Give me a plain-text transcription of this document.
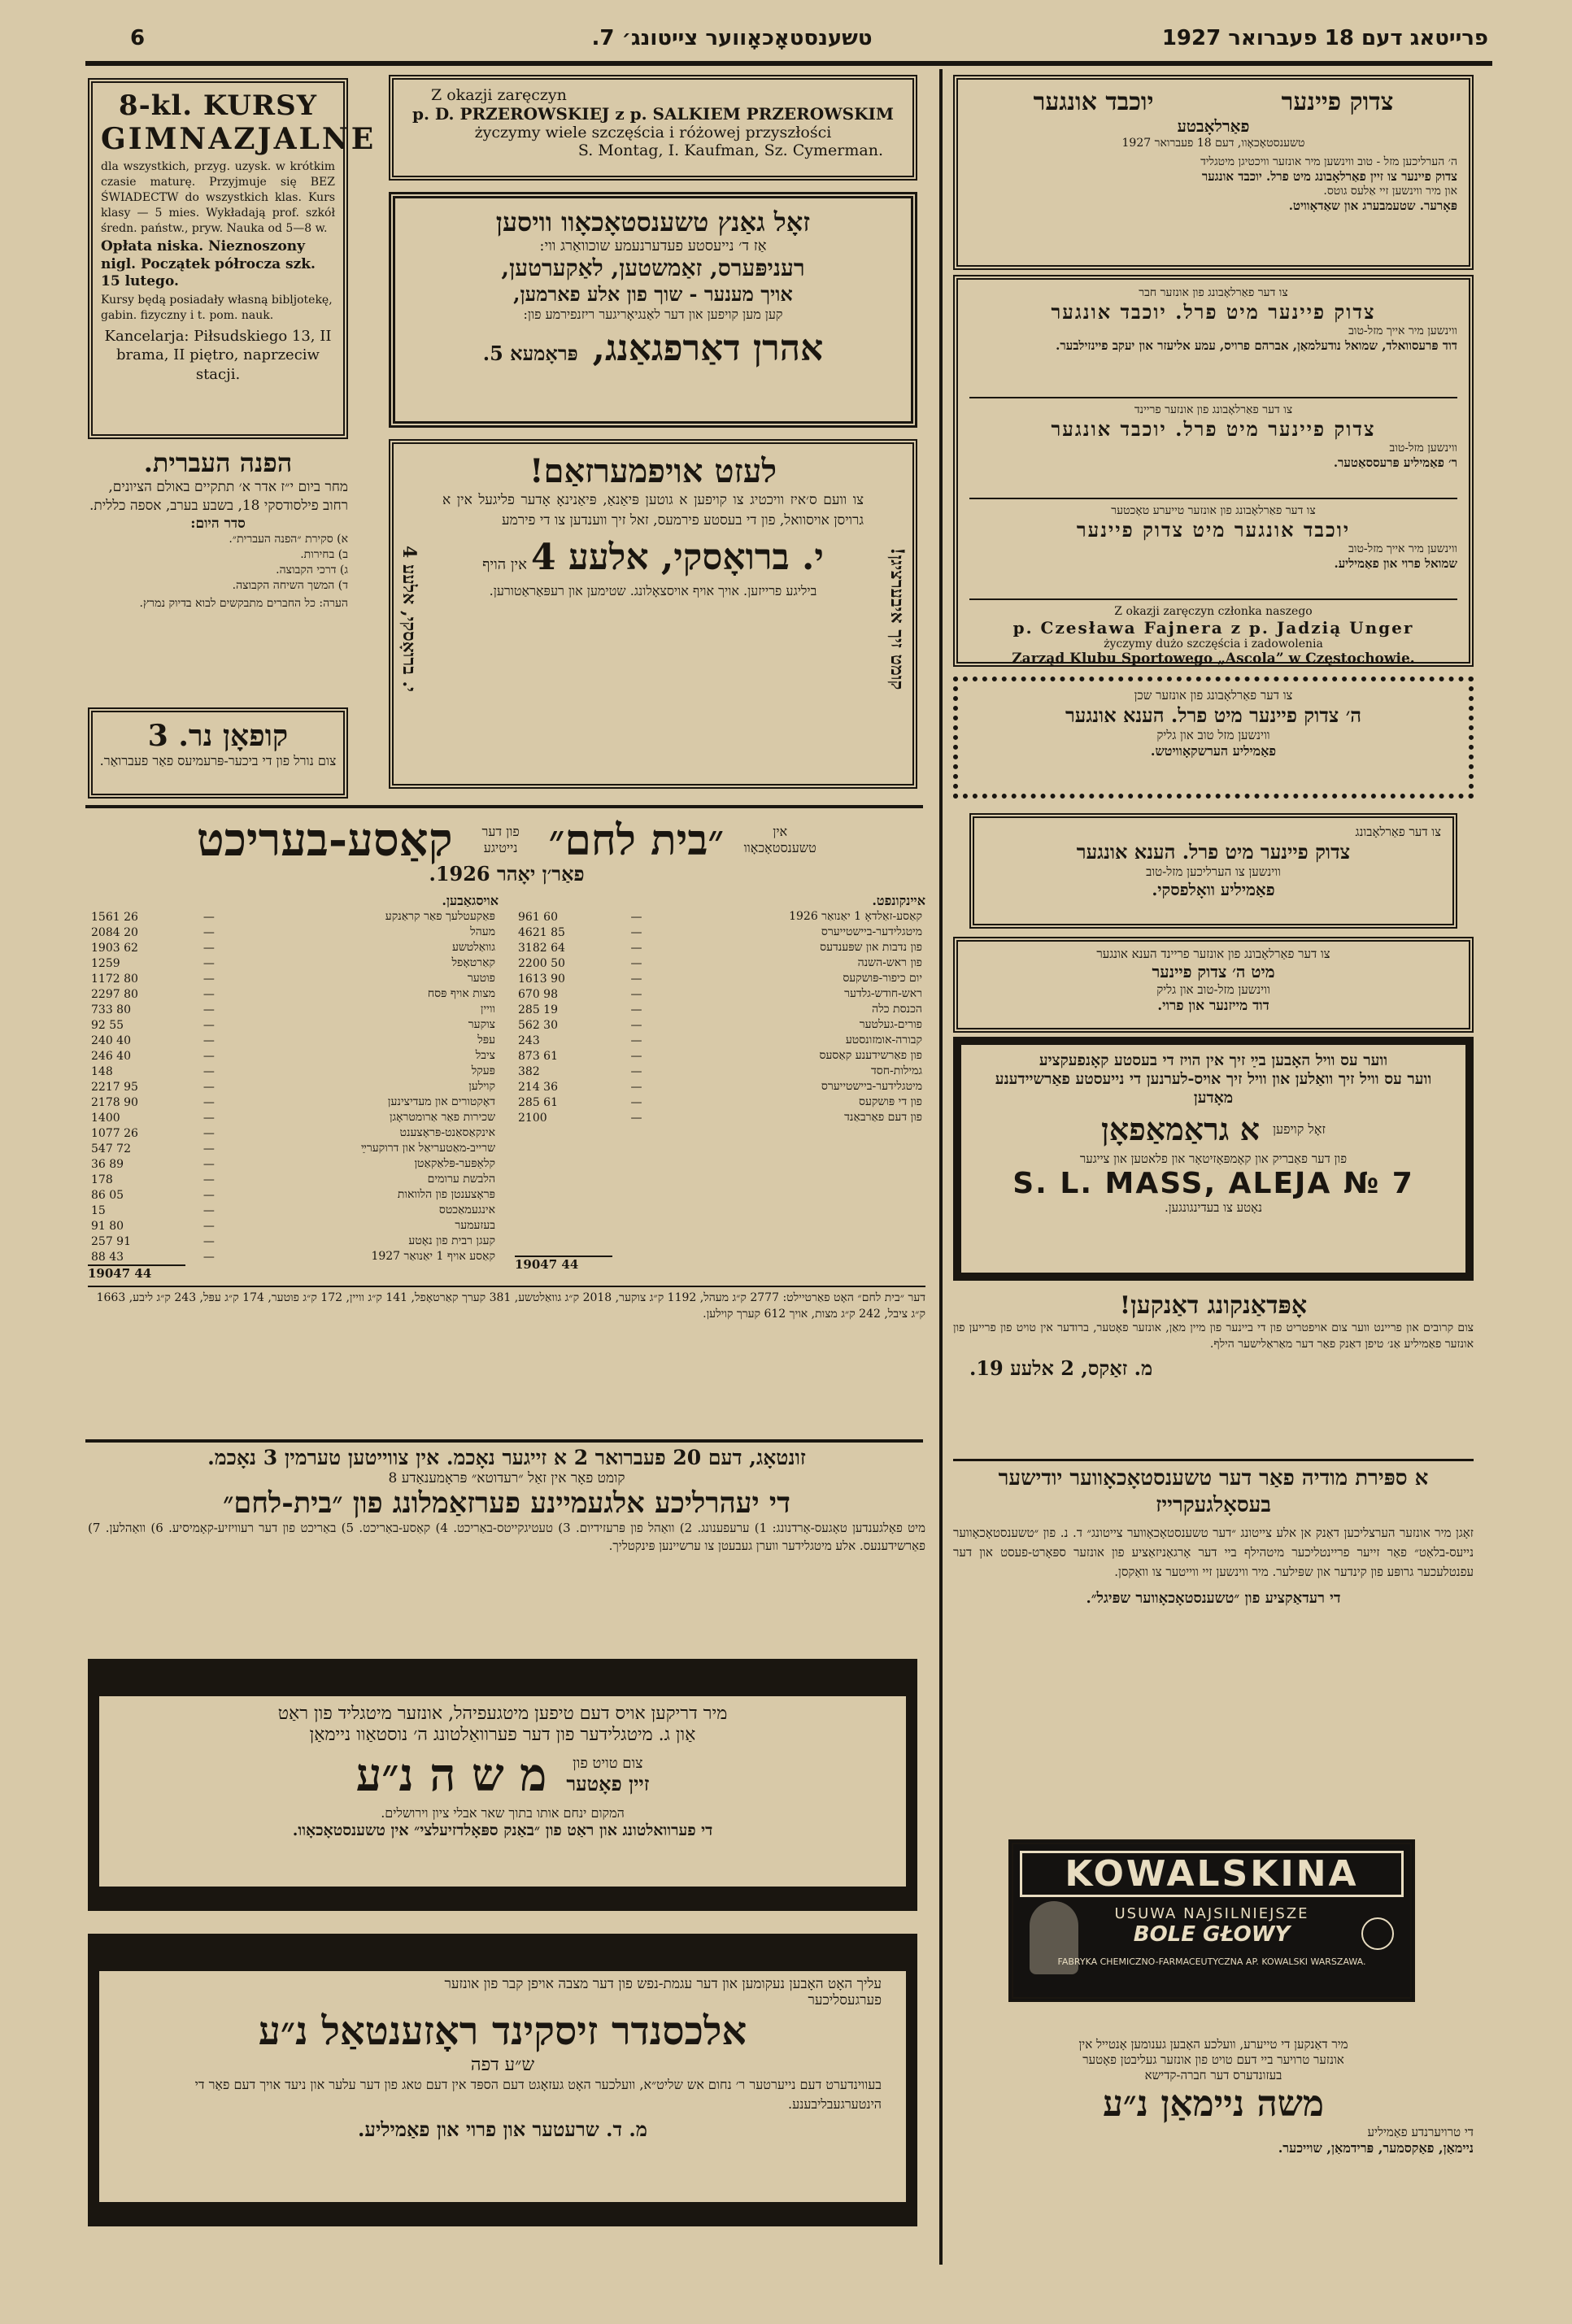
6	טשענסטאָכאָווער צייטונג׳ 7.	פרייטאג דעם 18 פעברואר 1927
8-kl. KURSY
GIMNAZJALNE
dla wszystkich, przyg. uzysk. w krótkim czasie maturę. Przyjmuje się BEZ ŚWIADECTW do wszystkich klas. Kurs klasy — 5 mies. Wykładają prof. szkół średn. państw., pryw. Nauka od 5—8 w.
Opłata niska. Nieznoszony nigl. Początek półrocza szk. 15 lutego.
Kursy będą posiadały własną bibljotekę, gabin. fizyczny i t. pom. nauk.
Kancelarja: Piłsudskiego 13, II brama, II piętro, naprzeciw stacji.
הפנה העברית.
מחר ביום י״ז אדר א׳ תתקיים באולם הציונים, רחוב פילסודסקי 18, בשבע בערב, אספה כללית.
סדר היום:
א) סקירת ״הפנה העברית״.
ב) בחירות.
ג) דרכי הקבוצה.
ד) המשך השיחה הקבוצה.
הערה: כל החברים מתבקשים לבוא בדיוק נמרץ.
קופאָן נר. 3
צום נורל פון די ביכער-פּרעמיעס פאַר פעברואַר.
Z okazji zaręczyn
p. D. PRZEROWSKIEJ z p. SALKIEM PRZEROWSKIM
życzymy wiele szczęścia i różowej przyszłości
S. Montag, I. Kaufman, Sz. Cymerman.
זאָל גאַנץ טשענסטאָכאָוו וויסען
אַז ד׳ נייעסטע פעדערנעמע שוכוואַרג ווי:
רעניפּערס, זאַמשטען, לאַקערטען,
אויך מענער - שוך פון אלע פארמען,
קען מען קויפען און דער לאַנגיאָריגער ריזנפירמע פון:
אהרן דאַרפגאַנג,
פּראָמעא 5.
לעזט אויפמערזאַם!
צו וועם ס׳איז וויכטיג צו קויפען א גוטען פּיאַנאַ, פּיאַנינאָ אָדער פליגעל אין א גרויסן אויסוואל, פון די בעסטע פירמעס, זאל זיך ווענדען צו די פירמע
י. ברואָסקי, אלעע 4 אין הויף
ביליגע פרייזען. אויך אויף אויסצאָלונג. שטימען און רעפּאַראַטורען.	קומט זיך איבערציגן!
י. ברואָסקי, אלעע 4
אין טשענסטאָכאָוו
״בית לחם״
פון דער נייטיגע
קאַסע-בעריכט
פאַר׳ן יאָהר 1926.
איינקונפט.
קאַסע-זאַלדאָ 1 יאַנואַר 1926	—	961 60
מיטגלידער-ביישטייערס	—	4621 85
פון נדבות און שפּענדעס	—	3182 64
פון ראש-השנה	—	2200 50
יום כיפור-פּושקעס	—	1613 90
ראש-חודש-גלדער	—	670 98
הכנסת כלה	—	285 19
פורים-געלטער	—	562 30
קבורה-אומזונסטע	—	243
פון פאַרשידענע קאַסעס	—	873 61
גמילות-חסד	—	382
מיטגלידער-ביישטייערס	—	214 36
פון די פּושקעס	—	285 61
פון דעם פאַרבאַנד	—	2100
19047 44
אויסגאַבען.
פּאַקעטלעך פאַר קראַנקע	—	1561 26
מעהל	—	2084 20
גוואַלטשע	—	1903 62
קאַרטאָפל	—	1259
פוטער	—	1172 80
מצות אויף פּסח	—	2297 80
וויין	—	733 80
צוקער	—	92 55
עפּל	—	240 40
ציבל	—	246 40
פּעקל	—	148
קוילען	—	2217 95
דאָקטורים און מעדיצינען	—	2178 90
שכירות פאַר אַרומטראָגן	—	1400
אינקאַסאַנט-פּראָצענט	—	1077 26
שרייב-מאַטעריאַל און דרוקערײַ	—	547 72
קלאַפּער-פּלאַקאַטן	—	36 89
הלבשת ערומים	—	178
פּראָצענטן פון הלוואות	—	86 05
אינגעמאַכטס	—	15
בעזעמער	—	91 80
קעגן רבית פון נאָטע	—	257 91
קאַסע אויף 1 יאַנואַר 1927	—	88 43
19047 44
דער ״בית לחם״ האָט פאַרטיילט: 2777 ק״ג מעהל, 1192 ק״ג צוקער, 2018 ק״ג גוואַלטשע, 381 קערך קאַרטאָפל, 141 ק״ג וויין, 172 ק״ג פוטער, 174 ק״ג עפּל, 243 ק״ג ליבע, 1663 ק״ג ציבל, 242 ק״ג מצות, אויך 612 קערך קוילען.
זונטאָג, דעם 20 פעברואר 2 א זייגער נאָכמ. אין צווייטען טערמין 3 נאָכמ.
קומט פאָר אין זאַל ״רעדוטא״ פּראָמענאַדע 8
די יעהרליכע אלגעמיינע פערזאַמלונג פון ״בית-לחם״
מיט פאָלגענדען טאָגעס-אָרדנונג: 1) ערעפענונג. 2) וואַהל פון פּרעזידיום. 3) טעטיגקייטס-באַריכט. 4) קאַסע-באַריכט. 5) באַריכט פון דער רעוויזיע-קאָמיסיע. 6) וואַהלען. 7) פאַרשידענעס. אלע מיטגלידער ווערן געבעטן צו ערשיינען פּינקטליך.
מיר דריקען אויס דעם טיפען מיטגעפיהל, אונזער מיטגליד פון ראַט
אַון ג. מיטגלידער פון דער פערוואַלטונג ה׳ נוסטאַוו ניימאַן
צום טויט פון
זיין פאָטער
מ ש ה נ״ע
המקום ינחם אותו בתוך שאר אבלי ציון וירושלים.
די פערוואלטונג און ראַט פון ״באַנק ספּאָלדזיעלצי״ אין טשענסטאָכאָוו.
עליך האָט האָבען נעקומען און דער עגמת-נפש פון דער מצבה אויפן קבר פון אונזער
פערגעסליכער
אלכסנדר זיסקינד ראָזענטאַל נ״ע
ש״ע דפה
בעווינדערט דעם נייערטער ר׳ נחום אש שליט״א, וועלכער האָט געזאָגט דעם הספּד אין דעם טאג פון דער עלער און ניעד אויך דעם פאַר די הינטערגעבליבענע.
מ. ד. שרעטער און פרוי און פאַמיליע.
צדוק פיינער
יוכבד אונגער
פאַרלאָבטע
טשענסטאָכאָוו, דעם 18 פעברואר 1927
ה׳ הערליכען מזל - טוב ווינשען מיר אונזער וויכטיגן מיטגליד
צדוק פיינער צו זיין פאַרלאָבונג מיט פרל. יוכבד אונגער
און מיר ווינשען זיי אַלעס גוטס.
פּאָרער. שטעמבערג און שאַדאָוויט.
צו דער פאַרלאָבונג פון אונזער חבר
צדוק פיינער מיט פרל. יוכבד אונגער
ווינשען מיר אייך מזל-טוב
דוד פּרעסוואלד, שמואל נודעלמאַן, אברהם פרויס, עמע אליעזר און יעקב פיינזילבער.
צו דער פאַרלאָבונג פון אונזער פריינד
צדוק פיינער מיט פרל. יוכבד אונגער
ווינשען מזל-טוב
ר׳ פאַמיליע פּרעססאַטער.
צו דער פאַרלאָבונג פון אונזער טייערע טאָכטער
יוכבד אונגער מיט צדוק פיינער
ווינשען מיר אייך מזל-טוב
שמואל פרוי און פאַמיליע.
Z okazji zaręczyn członka naszego
p. Czesława Fajnera z p. Jadzią Unger
życzymy dużo szczęścia i zadowolenia
Zarząd Klubu Sportowego „Ascola” w Częstochowie.
צו דער פאַרלאָבונג פון אונזער שכן
ה׳ צדוק פיינער מיט פרל. הענא אונגער
ווינשען מזל טוב און גליק
פאַמיליע הערשקאָוויטש.
צו דער פאַרלאָבונג
צדוק פיינער מיט פרל. הענא אונגער
ווינשען צו הערליכען מזל-טוב
פאַמיליע וואָלפסקי.
צו דער פאַרלאָבונג פון אונזער פריינד הענא אונגער
מיט ה׳ צדוק פיינער
ווינשען מזל-טוב און גליק
דוד מייזנער און פרוי.
ווער עס וויל האָבען בײַ זיך אין הויז די בעסטע קאָנפעקציע
ווער עס וויל זיך וואַלען און וויל זיך אויס-לערנען די נייעסטע פאַרשיידענע מאָדען
זאָל קויפען
א גראַמאַפאָן
פון דער פאַבריק און קאָמפּאָזיטאָר און פלאטען און צייגער
S. L. MASS, ALEJA № 7
נאָטע צו בעדינגונגען.
אָפּדאַנקונג דאַנקען!
צום קרובים און פריינט ווער צום אויפטריט פון די ביינער פון מיין מאַן, אונזער פאָטער, ברודער אין טויט פון פרייען פון אונזער פאַמיליע אַנ׳ טיפן דאַנק פאַר דער מאַראַלישער הילף.
מ. זאַקס, 2 אלעע 19.
א ספּירת מודיה פאַר דער טשענסטאָכאָווער יודישער בעסאָלגעקרייז
זאָגן מיר אונזער הערצליכען דאַנק אן אלע צייטונג ״דער טשענסטאָכאָווער צייטונג״ ד. נ. פון ״טשענסטאָכאָווער נייעס-בלאַט״ פאַר זייער פריינטליכער מיטהילף ביי דער אָרגאַניזאַציע פון אונזער ספּאָרט-פעסט און דער עפנטלעכער גרופּע פון קינדער און שפּילער. מיר ווינשען זיי ווייטער צו וואַקסן.
די רעדאַקציע פון ״טשענסטאָכאָווער שפּיגל״.
KOWALSKINA
USUWA NAJSILNIEJSZE
BOLE GŁOWY
FABRYKA CHEMICZNO-FARMACEUTYCZNA AP. KOWALSKI WARSZAWA.
מיר דאַנקען די טייערע, וועלכע האָבען גענומען אָנטייל אין
אונזער טרויער ביי דעם טויט פון אונזער געליבטן פאָטער
בעזונדערס דער חברה-קדישא
משה ניימאַן נ״ע
די טרויערנדע פאַמיליע
ניימאַן, פאַקסמער, פּרידמאַן, שוייכער.
